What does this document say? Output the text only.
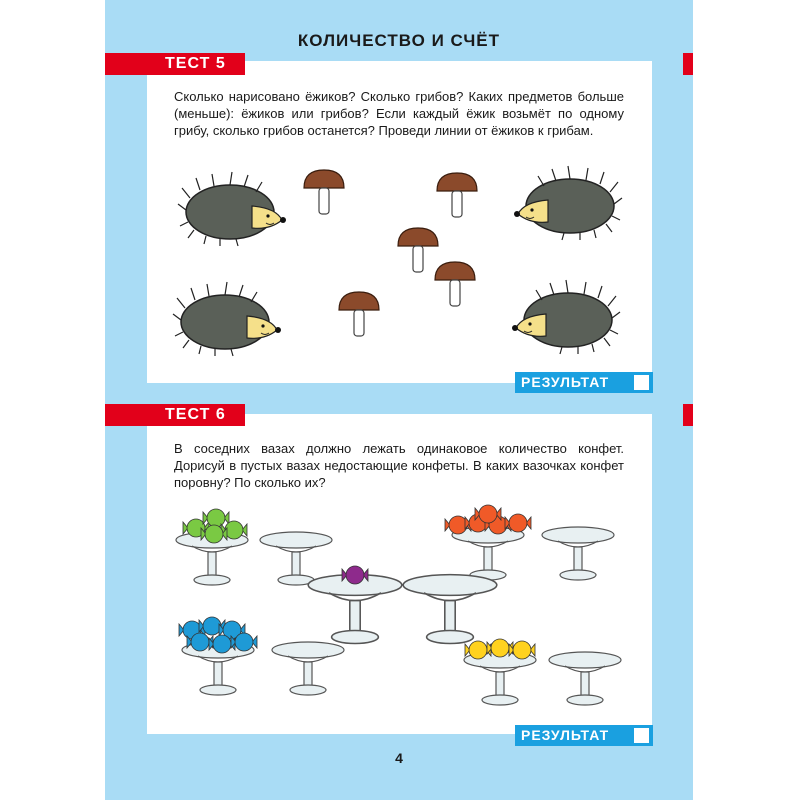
КОЛИЧЕСТВО И СЧЁТ
ТЕСТ 5
ТЕСТ 6
Сколько нарисовано ёжиков? Сколько грибов? Каких предметов больше (меньше): ёжиков или грибов? Если каждый ёжик возьмёт по одному грибу, сколько грибов останется? Проведи линии от ёжиков к грибам.
В соседних вазах должно лежать одинаковое количество конфет. Дорисуй в пустых вазах недостающие конфеты. В каких вазочках конфет поровну? По сколько их?
РЕЗУЛЬТАТ
РЕЗУЛЬТАТ
4
